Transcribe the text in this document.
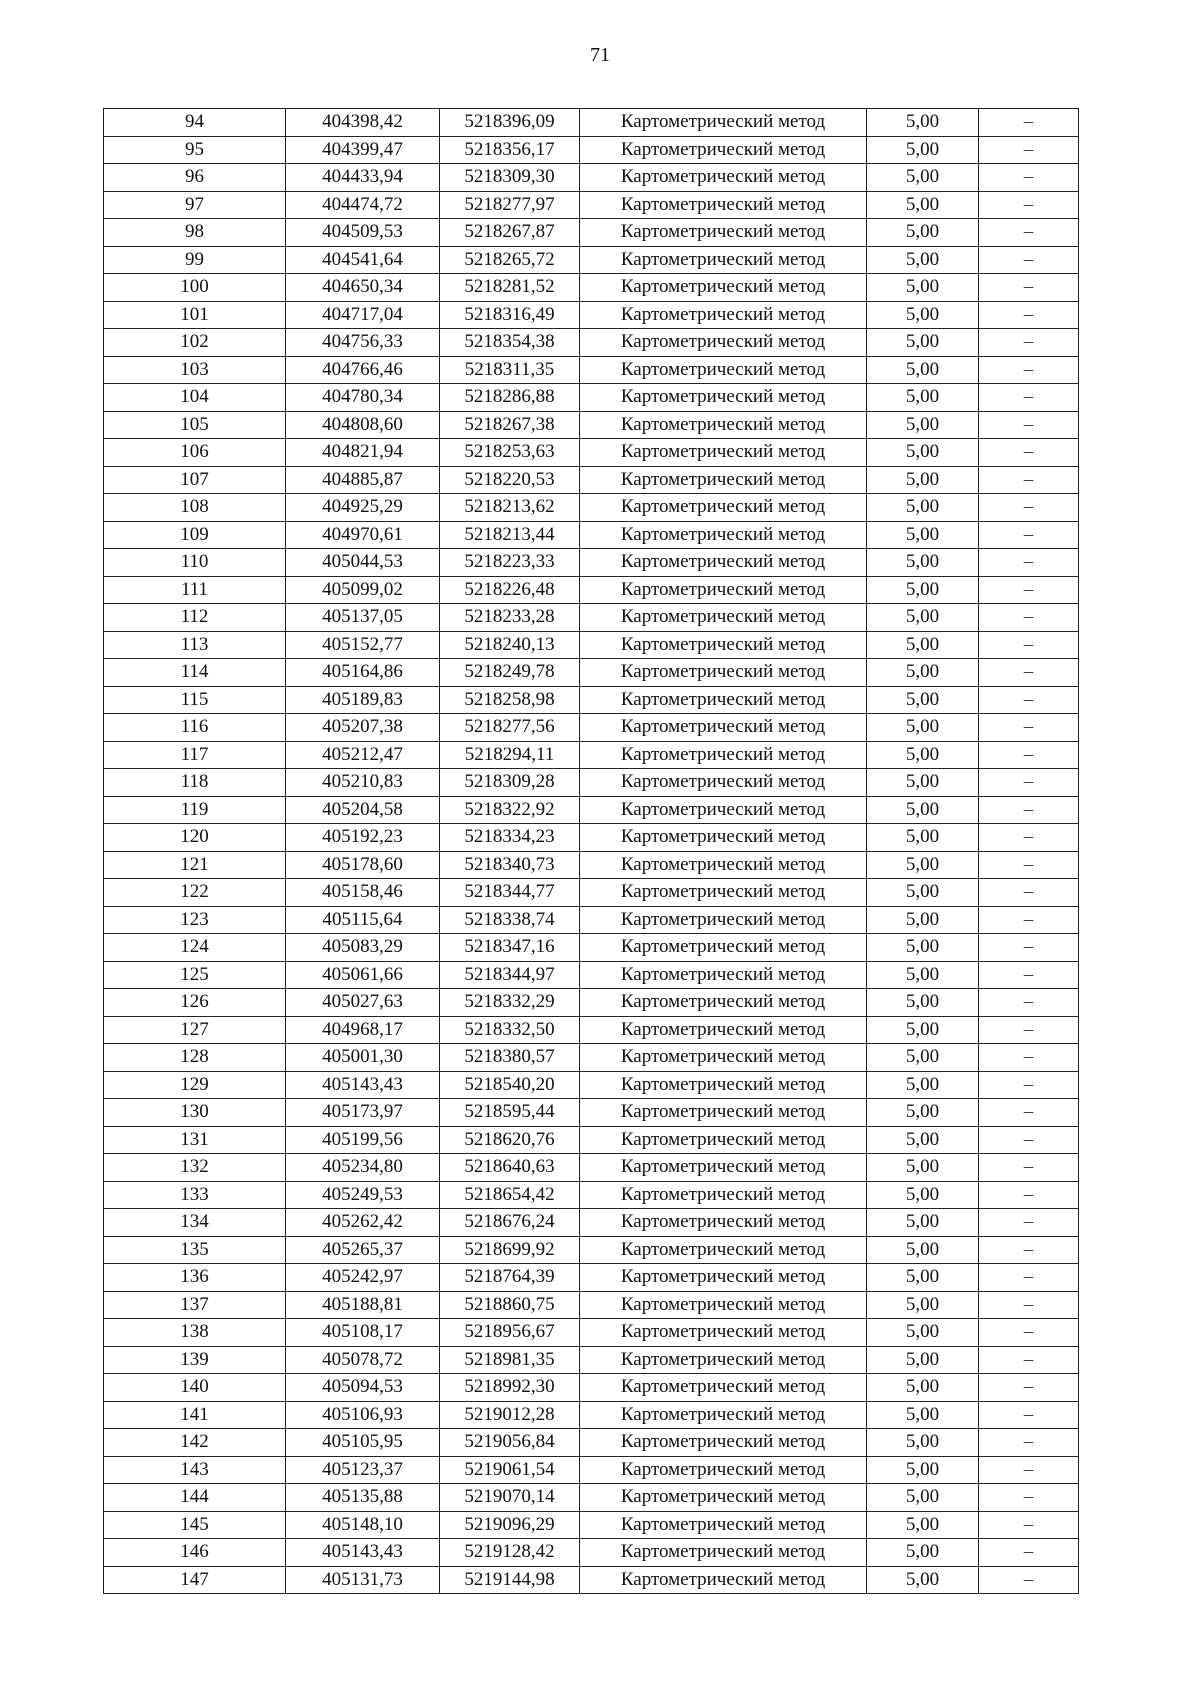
71
94	404398,42	5218396,09	Картометрический метод	5,00	–
95	404399,47	5218356,17	Картометрический метод	5,00	–
96	404433,94	5218309,30	Картометрический метод	5,00	–
97	404474,72	5218277,97	Картометрический метод	5,00	–
98	404509,53	5218267,87	Картометрический метод	5,00	–
99	404541,64	5218265,72	Картометрический метод	5,00	–
100	404650,34	5218281,52	Картометрический метод	5,00	–
101	404717,04	5218316,49	Картометрический метод	5,00	–
102	404756,33	5218354,38	Картометрический метод	5,00	–
103	404766,46	5218311,35	Картометрический метод	5,00	–
104	404780,34	5218286,88	Картометрический метод	5,00	–
105	404808,60	5218267,38	Картометрический метод	5,00	–
106	404821,94	5218253,63	Картометрический метод	5,00	–
107	404885,87	5218220,53	Картометрический метод	5,00	–
108	404925,29	5218213,62	Картометрический метод	5,00	–
109	404970,61	5218213,44	Картометрический метод	5,00	–
110	405044,53	5218223,33	Картометрический метод	5,00	–
111	405099,02	5218226,48	Картометрический метод	5,00	–
112	405137,05	5218233,28	Картометрический метод	5,00	–
113	405152,77	5218240,13	Картометрический метод	5,00	–
114	405164,86	5218249,78	Картометрический метод	5,00	–
115	405189,83	5218258,98	Картометрический метод	5,00	–
116	405207,38	5218277,56	Картометрический метод	5,00	–
117	405212,47	5218294,11	Картометрический метод	5,00	–
118	405210,83	5218309,28	Картометрический метод	5,00	–
119	405204,58	5218322,92	Картометрический метод	5,00	–
120	405192,23	5218334,23	Картометрический метод	5,00	–
121	405178,60	5218340,73	Картометрический метод	5,00	–
122	405158,46	5218344,77	Картометрический метод	5,00	–
123	405115,64	5218338,74	Картометрический метод	5,00	–
124	405083,29	5218347,16	Картометрический метод	5,00	–
125	405061,66	5218344,97	Картометрический метод	5,00	–
126	405027,63	5218332,29	Картометрический метод	5,00	–
127	404968,17	5218332,50	Картометрический метод	5,00	–
128	405001,30	5218380,57	Картометрический метод	5,00	–
129	405143,43	5218540,20	Картометрический метод	5,00	–
130	405173,97	5218595,44	Картометрический метод	5,00	–
131	405199,56	5218620,76	Картометрический метод	5,00	–
132	405234,80	5218640,63	Картометрический метод	5,00	–
133	405249,53	5218654,42	Картометрический метод	5,00	–
134	405262,42	5218676,24	Картометрический метод	5,00	–
135	405265,37	5218699,92	Картометрический метод	5,00	–
136	405242,97	5218764,39	Картометрический метод	5,00	–
137	405188,81	5218860,75	Картометрический метод	5,00	–
138	405108,17	5218956,67	Картометрический метод	5,00	–
139	405078,72	5218981,35	Картометрический метод	5,00	–
140	405094,53	5218992,30	Картометрический метод	5,00	–
141	405106,93	5219012,28	Картометрический метод	5,00	–
142	405105,95	5219056,84	Картометрический метод	5,00	–
143	405123,37	5219061,54	Картометрический метод	5,00	–
144	405135,88	5219070,14	Картометрический метод	5,00	–
145	405148,10	5219096,29	Картометрический метод	5,00	–
146	405143,43	5219128,42	Картометрический метод	5,00	–
147	405131,73	5219144,98	Картометрический метод	5,00	–
